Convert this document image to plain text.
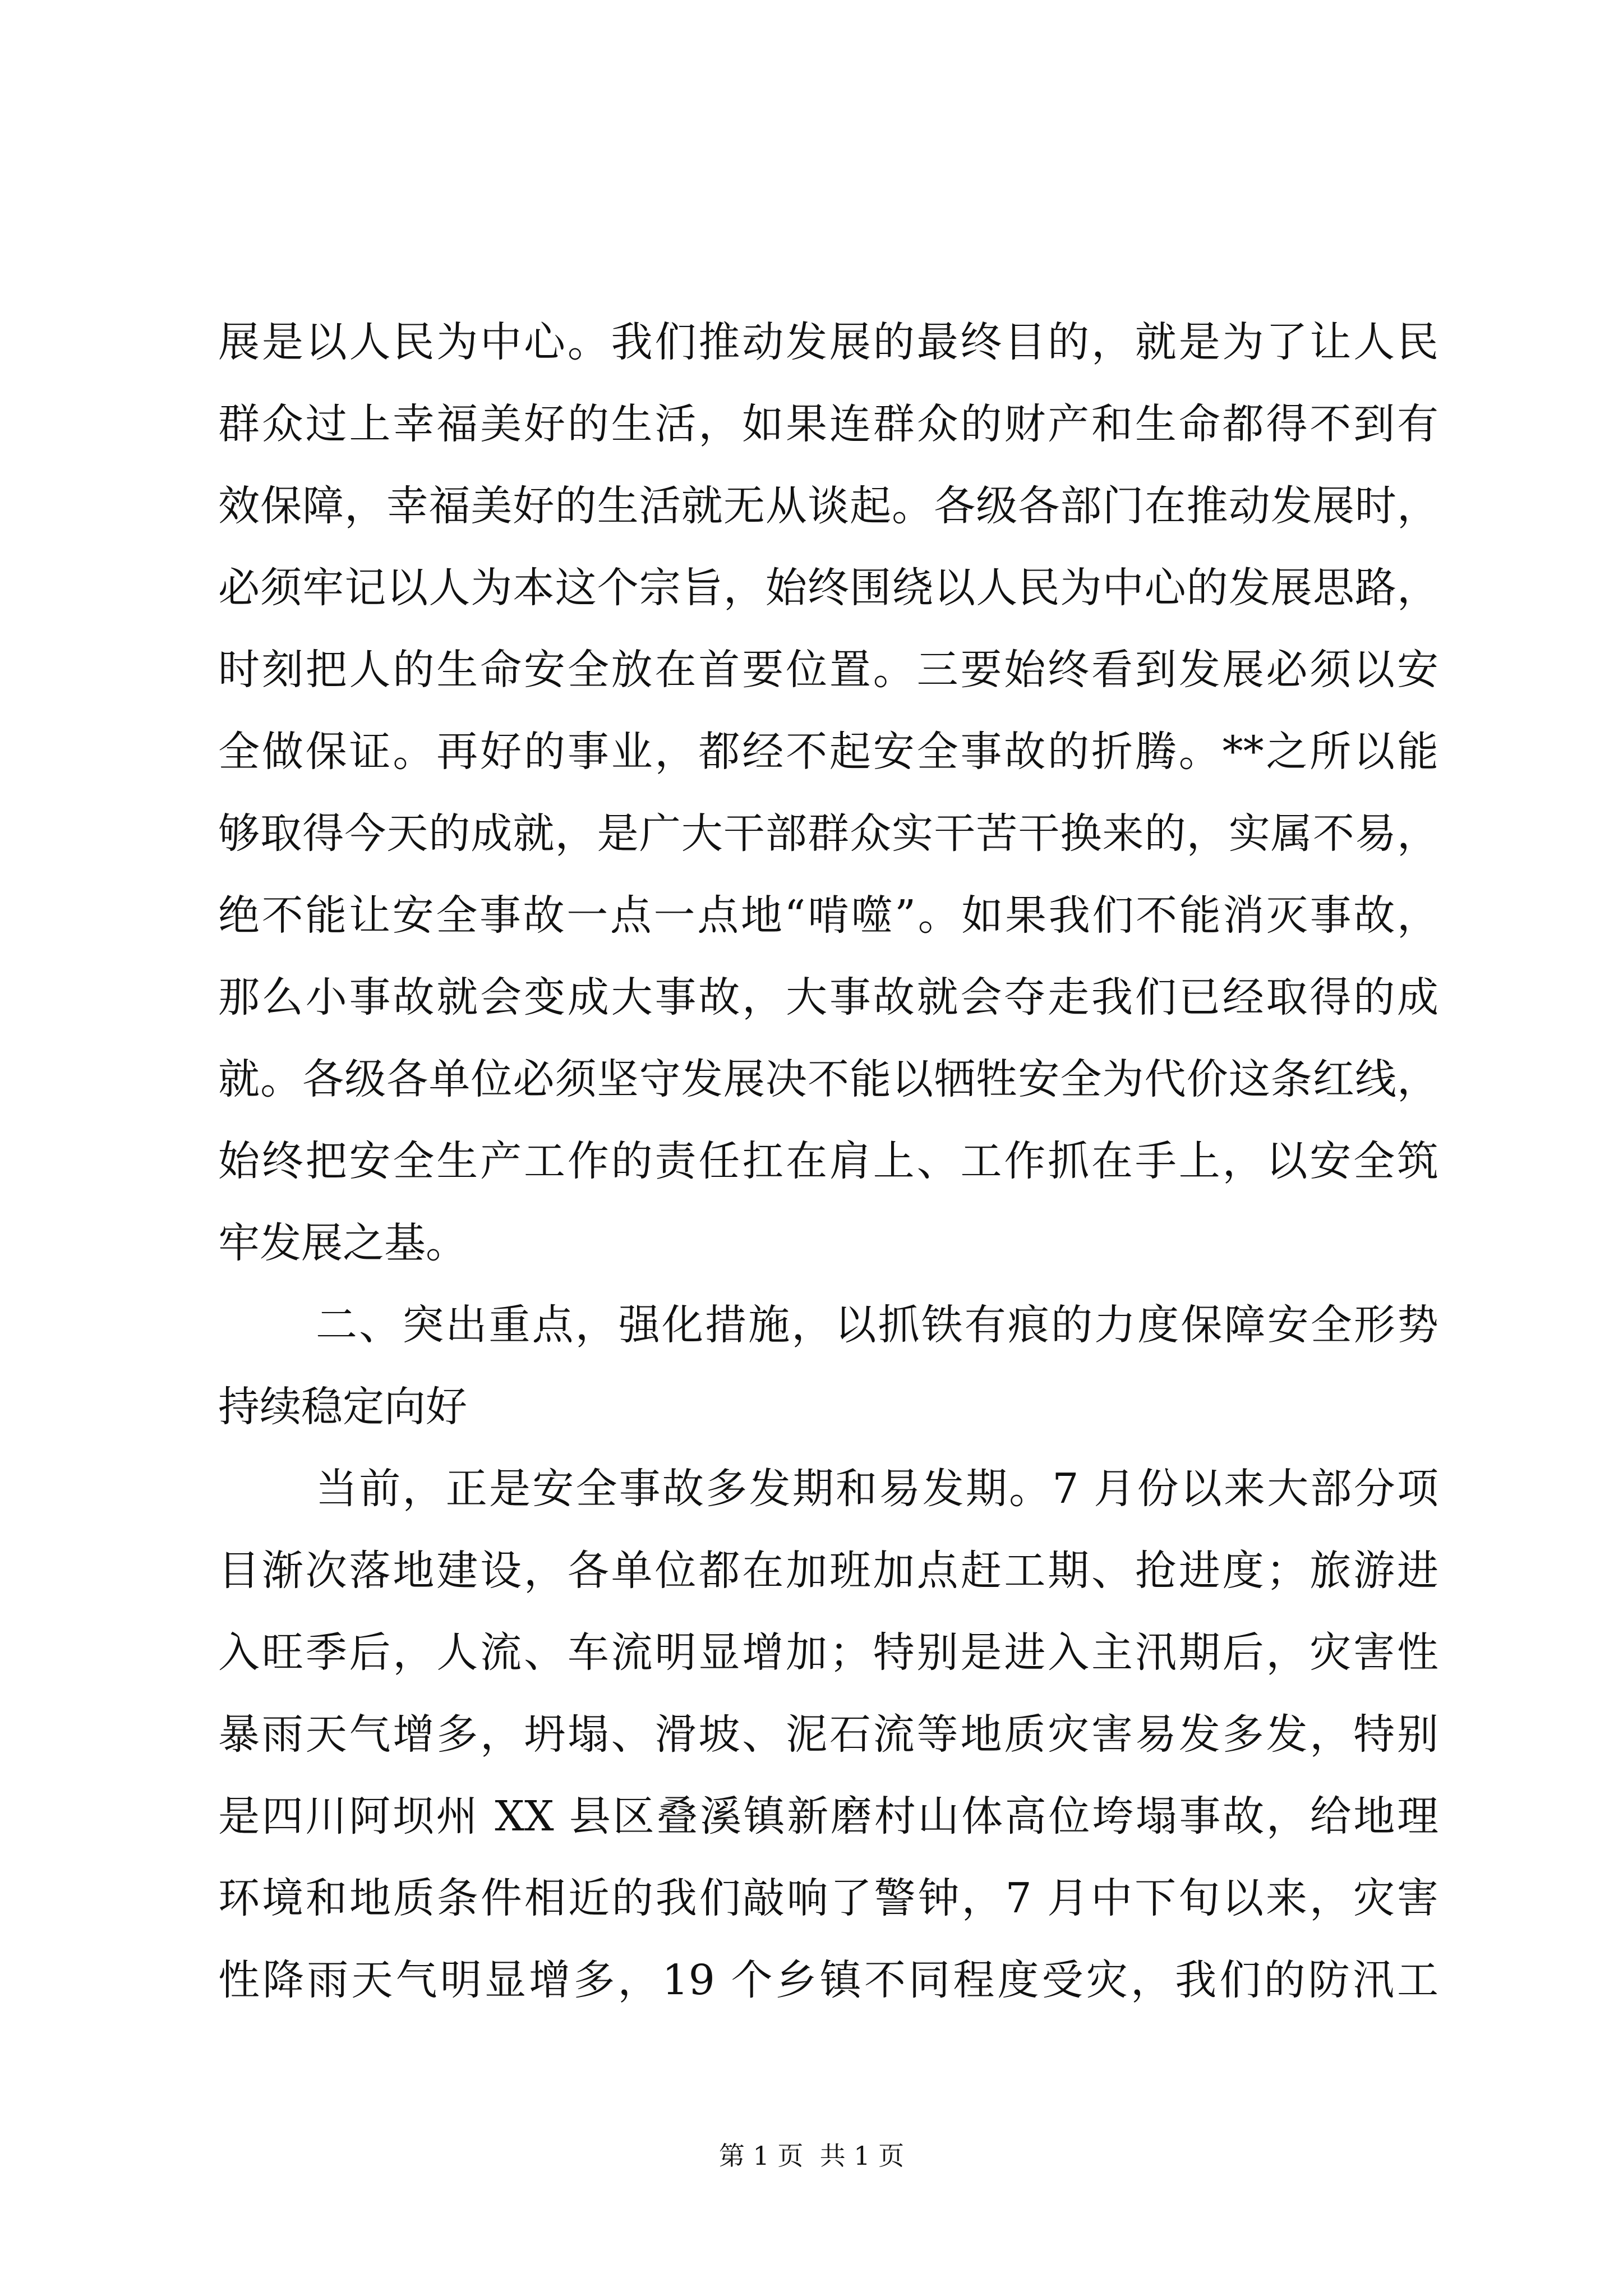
展是以人民为中心。我们推动发展的最终目的，就是为了让人民
群众过上幸福美好的生活，如果连群众的财产和生命都得不到有
效保障，幸福美好的生活就无从谈起。各级各部门在推动发展时，
必须牢记以人为本这个宗旨，始终围绕以人民为中心的发展思路，
时刻把人的生命安全放在首要位置。三要始终看到发展必须以安
全做保证。再好的事业，都经不起安全事故的折腾。**之所以能
够取得今天的成就，是广大干部群众实干苦干换来的，实属不易，
绝不能让安全事故一点一点地“啃噬”。如果我们不能消灭事故，
那么小事故就会变成大事故，大事故就会夺走我们已经取得的成
就。各级各单位必须坚守发展决不能以牺牲安全为代价这条红线，
始终把安全生产工作的责任扛在肩上、工作抓在手上，以安全筑
牢发展之基。
二、突出重点，强化措施，以抓铁有痕的力度保障安全形势
持续稳定向好
当前，正是安全事故多发期和易发期。7 月份以来大部分项
目渐次落地建设，各单位都在加班加点赶工期、抢进度；旅游进
入旺季后，人流、车流明显增加；特别是进入主汛期后，灾害性
暴雨天气增多，坍塌、滑坡、泥石流等地质灾害易发多发，特别
是四川阿坝州 XX 县区叠溪镇新磨村山体高位垮塌事故，给地理
环境和地质条件相近的我们敲响了警钟，7 月中下旬以来，灾害
性降雨天气明显增多，19 个乡镇不同程度受灾，我们的防汛工
第 1 页  共 1 页
